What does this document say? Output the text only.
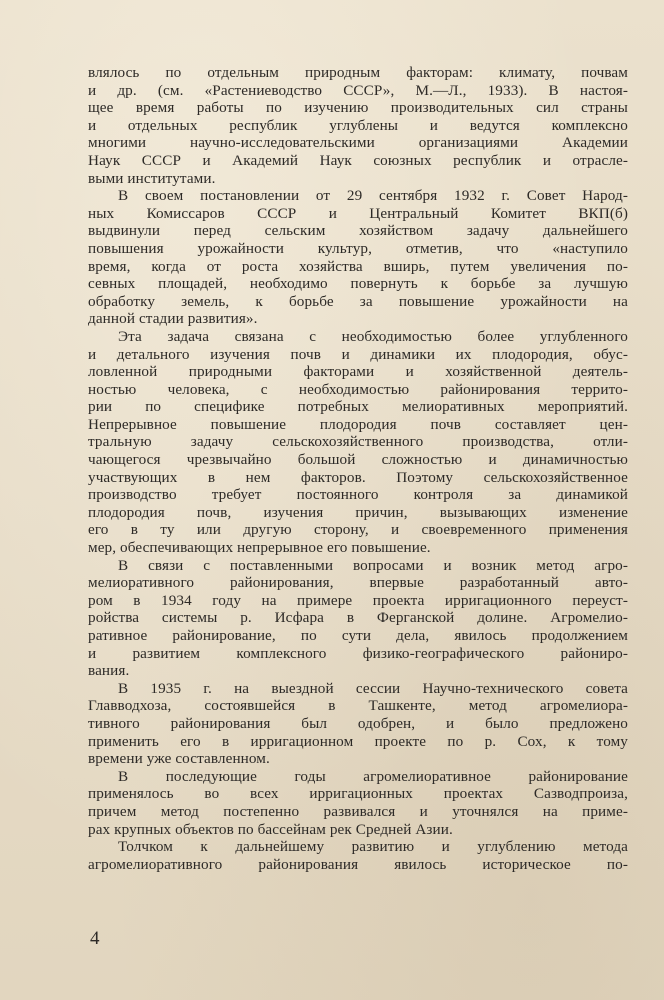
влялось по отдельным природным факторам: климату, почвам
и др. (см. «Растениеводство СССР», М.—Л., 1933). В настоя-
щее время работы по изучению производительных сил страны
и отдельных республик углублены и ведутся комплексно
многими научно-исследовательскими организациями Академии
Наук СССР и Академий Наук союзных республик и отрасле-
выми институтами.
В своем постановлении от 29 сентября 1932 г. Совет Народ-
ных Комиссаров СССР и Центральный Комитет ВКП(б)
выдвинули перед сельским хозяйством задачу дальнейшего
повышения урожайности культур, отметив, что «наступило
время, когда от роста хозяйства вширь, путем увеличения по-
севных площадей, необходимо повернуть к борьбе за лучшую
обработку земель, к борьбе за повышение урожайности на
данной стадии развития».
Эта задача связана с необходимостью более углубленного
и детального изучения почв и динамики их плодородия, обус-
ловленной природными факторами и хозяйственной деятель-
ностью человека, с необходимостью районирования террито-
рии по специфике потребных мелиоративных мероприятий.
Непрерывное повышение плодородия почв составляет цен-
тральную задачу сельскохозяйственного производства, отли-
чающегося чрезвычайно большой сложностью и динамичностью
участвующих в нем факторов. Поэтому сельскохозяйственное
производство требует постоянного контроля за динамикой
плодородия почв, изучения причин, вызывающих изменение
его в ту или другую сторону, и своевременного применения
мер, обеспечивающих непрерывное его повышение.
В связи с поставленными вопросами и возник метод агро-
мелиоративного районирования, впервые разработанный авто-
ром в 1934 году на примере проекта ирригационного переуст-
ройства системы р. Исфара в Ферганской долине. Агромелио-
ративное районирование, по сути дела, явилось продолжением
и развитием комплексного физико-географического райониро-
вания.
В 1935 г. на выездной сессии Научно-технического совета
Главводхоза, состоявшейся в Ташкенте, метод агромелиора-
тивного районирования был одобрен, и было предложено
применить его в ирригационном проекте по р. Сох, к тому
времени уже составленном.
В последующие годы агромелиоративное районирование
применялось во всех ирригационных проектах Сазводпроиза,
причем метод постепенно развивался и уточнялся на приме-
рах крупных объектов по бассейнам рек Средней Азии.
Толчком к дальнейшему развитию и углублению метода
агромелиоративного районирования явилось историческое по-
4
